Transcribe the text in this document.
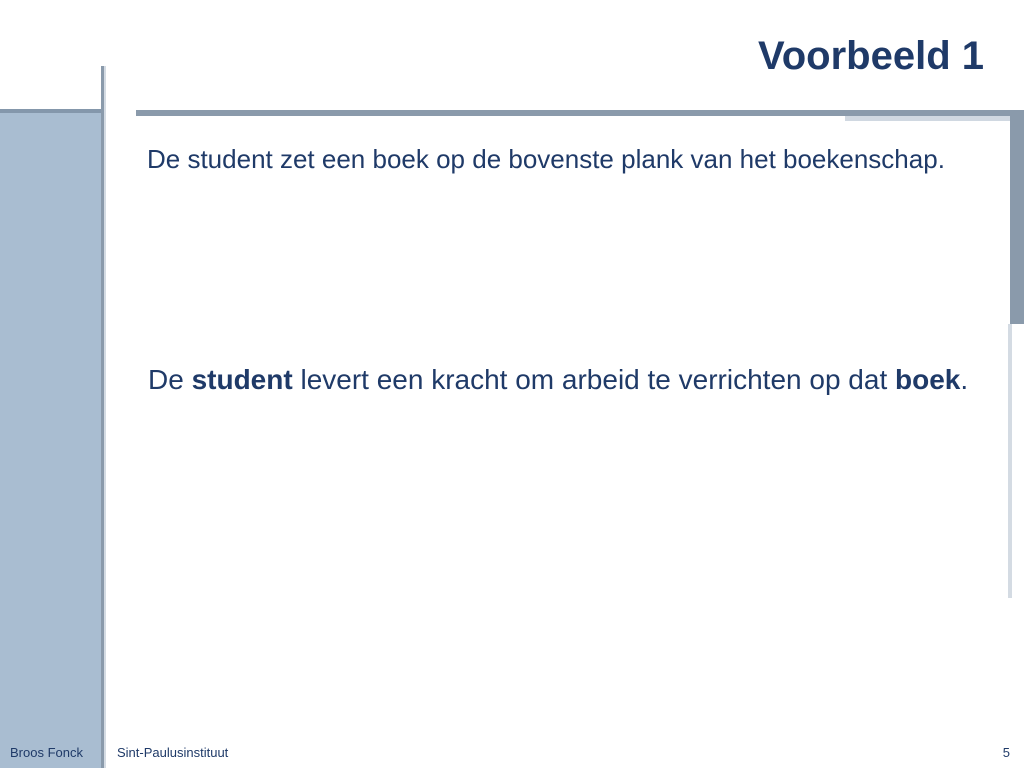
Voorbeeld 1

De student zet een boek op de bovenste plank van het boekenschap.

De student levert een kracht om arbeid te verrichten op dat boek.

Broos Fonck	Sint-Paulusinstituut	5
